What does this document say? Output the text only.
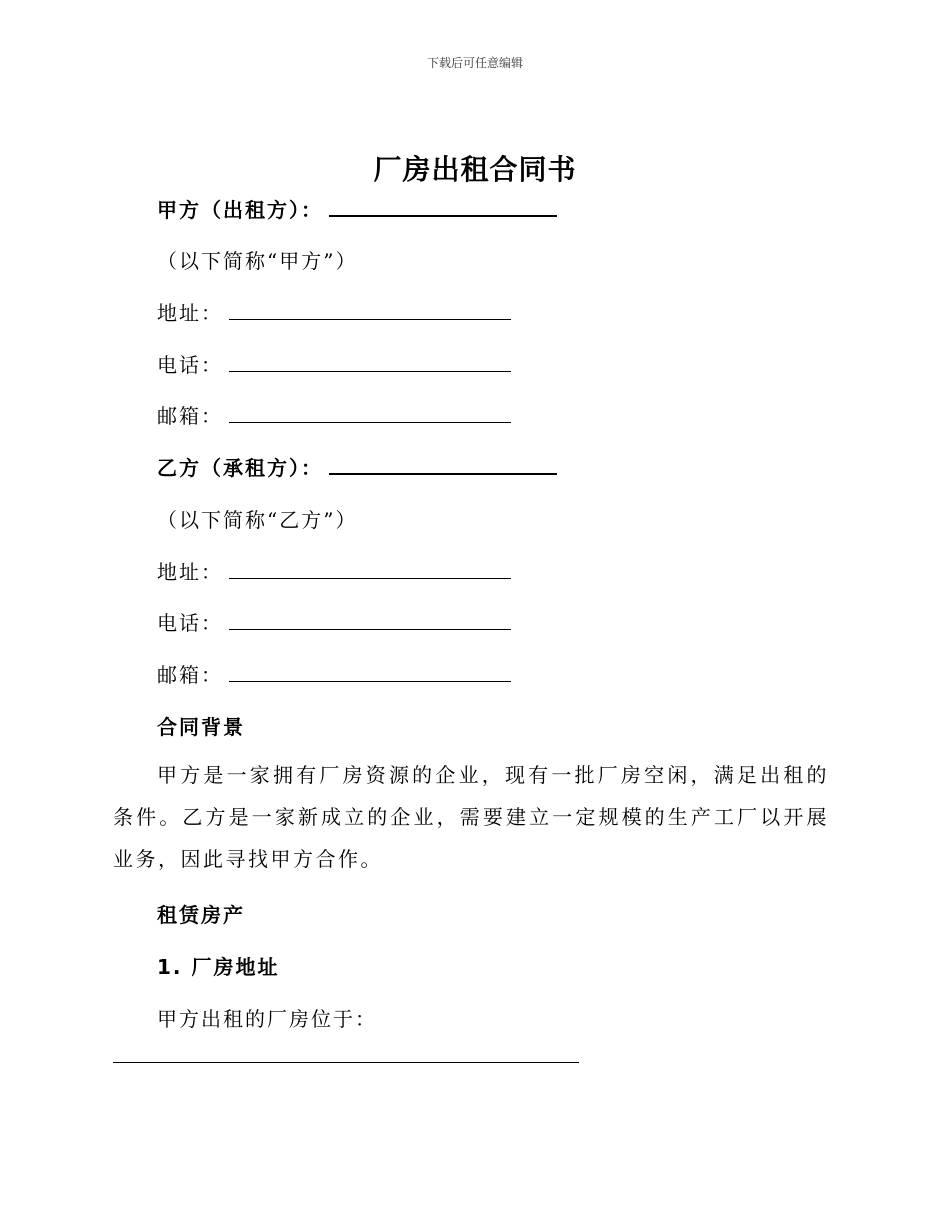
下载后可任意编辑
厂房出租合同书
甲方（出租方）：
（以下简称“甲方”）
地址：
电话：
邮箱：
乙方（承租方）：
（以下简称“乙方”）
地址：
电话：
邮箱：
合同背景
甲方是一家拥有厂房资源的企业，现有一批厂房空闲，满足出租的条件。乙方是一家新成立的企业，需要建立一定规模的生产工厂以开展业务，因此寻找甲方合作。
租赁房产
1. 厂房地址
甲方出租的厂房位于：
